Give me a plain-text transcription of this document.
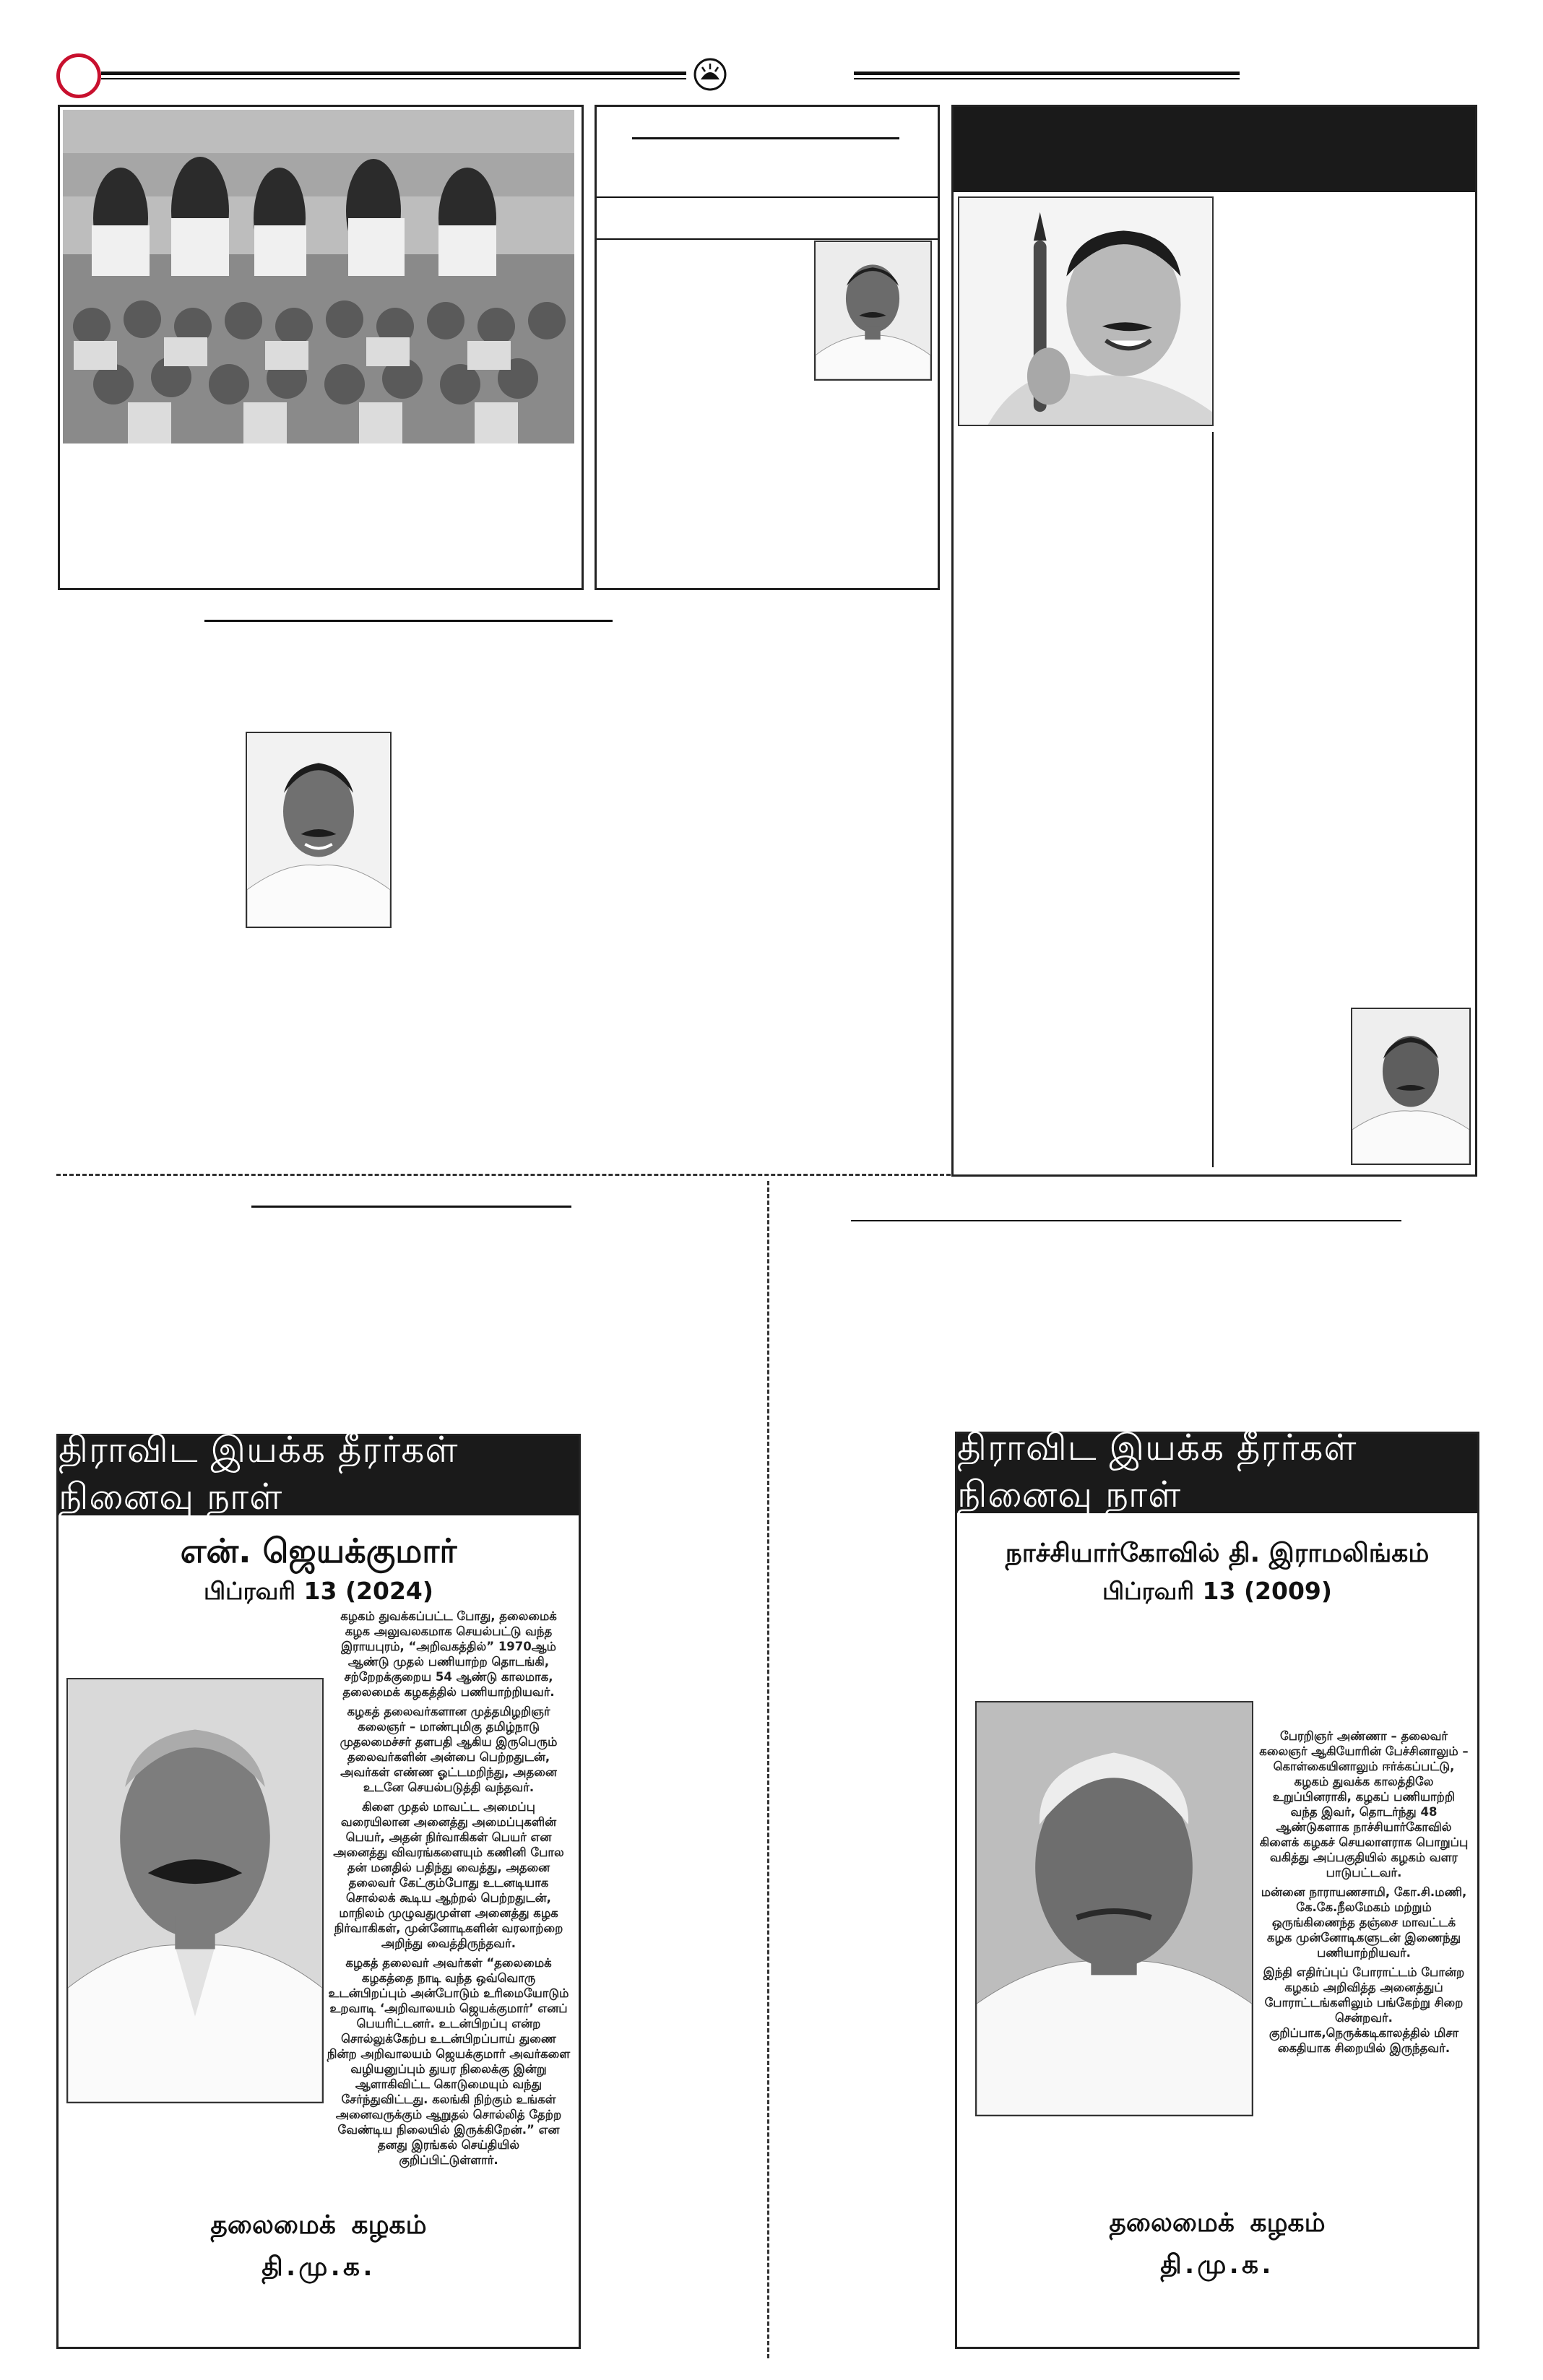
திராவிட இயக்க தீரர்கள் நினைவு நாள்
என். ஜெயக்குமார்
பிப்ரவரி 13 (2024)

கழகம் துவக்கப்பட்ட போது, தலைமைக் கழக அலுவலகமாக செயல்பட்டு வந்த இராயபுரம், “அறிவகத்தில்” 1970ஆம் ஆண்டு முதல் பணியாற்ற தொடங்கி, சற்றேறக்குறைய 54 ஆண்டு காலமாக, தலைமைக் கழகத்தில் பணியாற்றியவர்.

கழகத் தலைவர்களான முத்தமிழறிஞர் கலைஞர் – மாண்புமிகு தமிழ்நாடு முதலமைச்சர் தளபதி ஆகிய இருபெரும் தலைவர்களின் அன்பை பெற்றதுடன், அவர்கள் எண்ண ஓட்டமறிந்து, அதனை உடனே செயல்படுத்தி வந்தவர்.

கிளை முதல் மாவட்ட அமைப்பு வரையிலான அனைத்து அமைப்புகளின் பெயர், அதன் நிர்வாகிகள் பெயர் என அனைத்து விவரங்களையும் கணினி போல தன் மனதில் பதிந்து வைத்து, அதனை தலைவர் கேட்கும்போது உடனடியாக சொல்லக் கூடிய ஆற்றல் பெற்றதுடன், மாநிலம் முழுவதுமுள்ள அனைத்து கழக நிர்வாகிகள், முன்னோடிகளின் வரலாற்றை அறிந்து வைத்திருந்தவர்.

கழகத் தலைவர் அவர்கள் “தலைமைக் கழகத்தை நாடி வந்த ஒவ்வொரு உடன்பிறப்பும் அன்போடும் உரிமையோடும் உறவாடி ‘அறிவாலயம் ஜெயக்குமார்’ எனப் பெயரிட்டனர். உடன்பிறப்பு என்ற சொல்லுக்கேற்ப உடன்பிறப்பாய் துணை நின்ற அறிவாலயம் ஜெயக்குமார் அவர்களை வழியனுப்பும் துயர நிலைக்கு இன்று ஆளாகிவிட்ட கொடுமையும் வந்து சேர்ந்துவிட்டது. கலங்கி நிற்கும் உங்கள் அனைவருக்கும் ஆறுதல் சொல்லித் தேற்ற வேண்டிய நிலையில் இருக்கிறேன்.” என தனது இரங்கல் செய்தியில் குறிப்பிட்டுள்ளார்.

தலைமைக் கழகம்
தி.மு.க.
திராவிட இயக்க தீரர்கள் நினைவு நாள்
நாச்சியார்கோவில் தி. இராமலிங்கம்
பிப்ரவரி 13 (2009)

பேரறிஞர் அண்ணா – தலைவர் கலைஞர் ஆகியோரின் பேச்சினாலும் – கொள்கையினாலும் ஈர்க்கப்பட்டு, கழகம் துவக்க காலத்திலே உறுப்பினராகி, கழகப் பணியாற்றி வந்த இவர், தொடர்ந்து 48 ஆண்டுகளாக நாச்சியார்கோவில் கிளைக் கழகச் செயலாளராக பொறுப்பு வகித்து அப்பகுதியில் கழகம் வளர பாடுபட்டவர்.

மன்னை நாராயணசாமி, கோ.சி.மணி, கே.கே.நீலமேகம் மற்றும் ஒருங்கிணைந்த தஞ்சை மாவட்டக் கழக முன்னோடிகளுடன் இணைந்து பணியாற்றியவர்.

இந்தி எதிர்ப்புப் போராட்டம் போன்ற கழகம் அறிவித்த அனைத்துப் போராட்டங்களிலும் பங்கேற்று சிறை சென்றவர். குறிப்பாக,நெருக்கடிகாலத்தில் மிசா கைதியாக சிறையில் இருந்தவர்.

தலைமைக் கழகம்
தி.மு.க.
